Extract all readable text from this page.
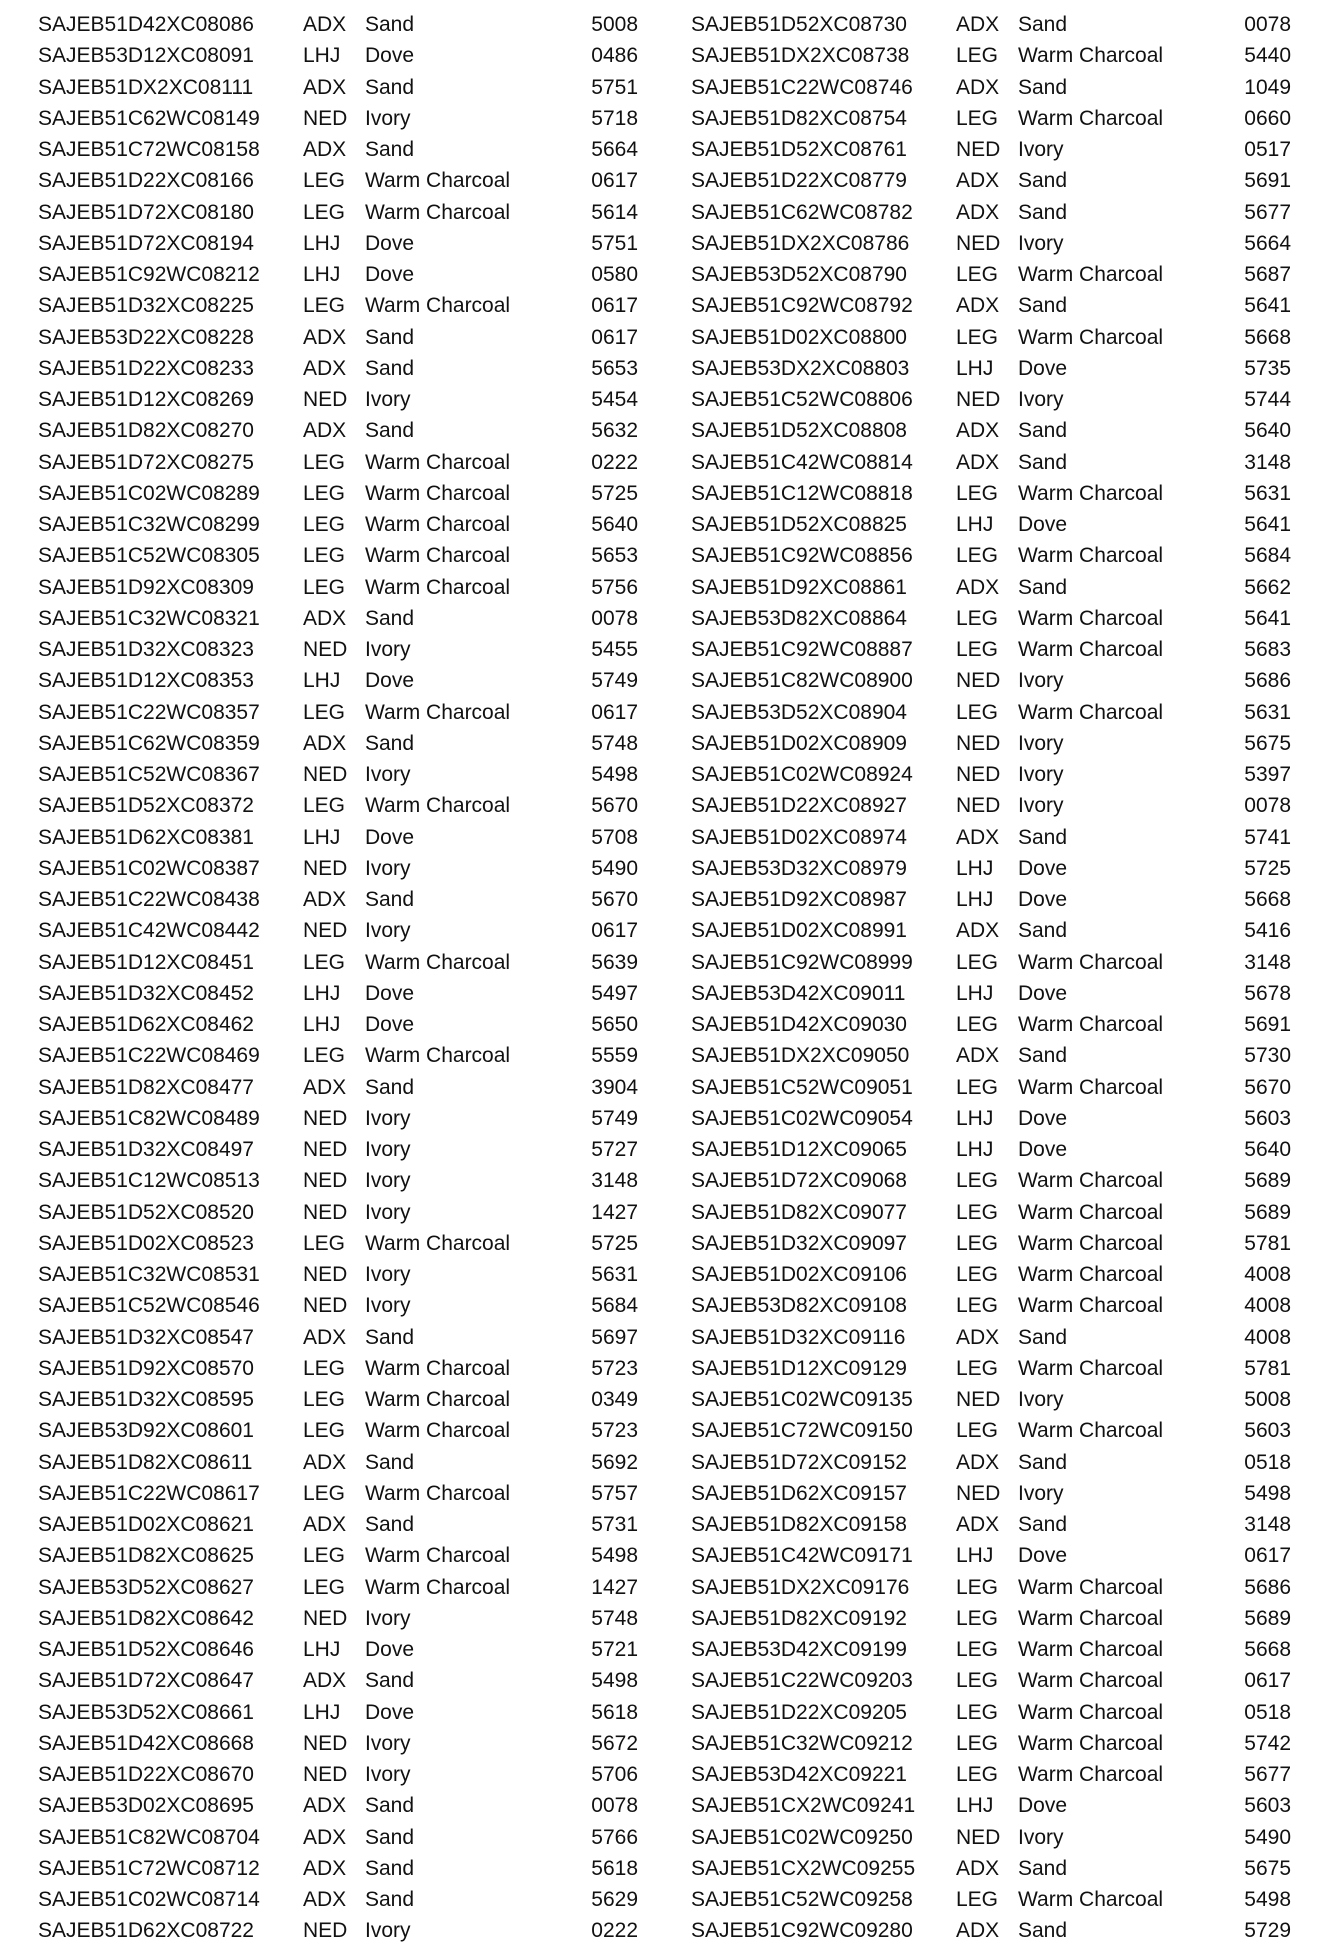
SAJEB51D42XC08086 ADX Sand	5008
SAJEB53D12XC08091 LHJ Dove	0486
SAJEB51DX2XC08111 ADX Sand	5751
SAJEB51C62WC08149 NED Ivory	5718
SAJEB51C72WC08158 ADX Sand	5664
SAJEB51D22XC08166 LEG Warm Charcoal	0617
SAJEB51D72XC08180 LEG Warm Charcoal	5614
SAJEB51D72XC08194 LHJ Dove	5751
SAJEB51C92WC08212 LHJ Dove	0580
SAJEB51D32XC08225 LEG Warm Charcoal	0617
SAJEB53D22XC08228 ADX Sand	0617
SAJEB51D22XC08233 ADX Sand	5653
SAJEB51D12XC08269 NED Ivory	5454
SAJEB51D82XC08270 ADX Sand	5632
SAJEB51D72XC08275 LEG Warm Charcoal	0222
SAJEB51C02WC08289 LEG Warm Charcoal	5725
SAJEB51C32WC08299 LEG Warm Charcoal	5640
SAJEB51C52WC08305 LEG Warm Charcoal	5653
SAJEB51D92XC08309 LEG Warm Charcoal	5756
SAJEB51C32WC08321 ADX Sand	0078
SAJEB51D32XC08323 NED Ivory	5455
SAJEB51D12XC08353 LHJ Dove	5749
SAJEB51C22WC08357 LEG Warm Charcoal	0617
SAJEB51C62WC08359 ADX Sand	5748
SAJEB51C52WC08367 NED Ivory	5498
SAJEB51D52XC08372 LEG Warm Charcoal	5670
SAJEB51D62XC08381 LHJ Dove	5708
SAJEB51C02WC08387 NED Ivory	5490
SAJEB51C22WC08438 ADX Sand	5670
SAJEB51C42WC08442 NED Ivory	0617
SAJEB51D12XC08451 LEG Warm Charcoal	5639
SAJEB51D32XC08452 LHJ Dove	5497
SAJEB51D62XC08462 LHJ Dove	5650
SAJEB51C22WC08469 LEG Warm Charcoal	5559
SAJEB51D82XC08477 ADX Sand	3904
SAJEB51C82WC08489 NED Ivory	5749
SAJEB51D32XC08497 NED Ivory	5727
SAJEB51C12WC08513 NED Ivory	3148
SAJEB51D52XC08520 NED Ivory	1427
SAJEB51D02XC08523 LEG Warm Charcoal	5725
SAJEB51C32WC08531 NED Ivory	5631
SAJEB51C52WC08546 NED Ivory	5684
SAJEB51D32XC08547 ADX Sand	5697
SAJEB51D92XC08570 LEG Warm Charcoal	5723
SAJEB51D32XC08595 LEG Warm Charcoal	0349
SAJEB53D92XC08601 LEG Warm Charcoal	5723
SAJEB51D82XC08611 ADX Sand	5692
SAJEB51C22WC08617 LEG Warm Charcoal	5757
SAJEB51D02XC08621 ADX Sand	5731
SAJEB51D82XC08625 LEG Warm Charcoal	5498
SAJEB53D52XC08627 LEG Warm Charcoal	1427
SAJEB51D82XC08642 NED Ivory	5748
SAJEB51D52XC08646 LHJ Dove	5721
SAJEB51D72XC08647 ADX Sand	5498
SAJEB53D52XC08661 LHJ Dove	5618
SAJEB51D42XC08668 NED Ivory	5672
SAJEB51D22XC08670 NED Ivory	5706
SAJEB53D02XC08695 ADX Sand	0078
SAJEB51C82WC08704 ADX Sand	5766
SAJEB51C72WC08712 ADX Sand	5618
SAJEB51C02WC08714 ADX Sand	5629
SAJEB51D62XC08722 NED Ivory	0222
SAJEB51D52XC08730 ADX Sand	0078
SAJEB51DX2XC08738 LEG Warm Charcoal	5440
SAJEB51C22WC08746 ADX Sand	1049
SAJEB51D82XC08754 LEG Warm Charcoal	0660
SAJEB51D52XC08761 NED Ivory	0517
SAJEB51D22XC08779 ADX Sand	5691
SAJEB51C62WC08782 ADX Sand	5677
SAJEB51DX2XC08786 NED Ivory	5664
SAJEB53D52XC08790 LEG Warm Charcoal	5687
SAJEB51C92WC08792 ADX Sand	5641
SAJEB51D02XC08800 LEG Warm Charcoal	5668
SAJEB53DX2XC08803 LHJ Dove	5735
SAJEB51C52WC08806 NED Ivory	5744
SAJEB51D52XC08808 ADX Sand	5640
SAJEB51C42WC08814 ADX Sand	3148
SAJEB51C12WC08818 LEG Warm Charcoal	5631
SAJEB51D52XC08825 LHJ Dove	5641
SAJEB51C92WC08856 LEG Warm Charcoal	5684
SAJEB51D92XC08861 ADX Sand	5662
SAJEB53D82XC08864 LEG Warm Charcoal	5641
SAJEB51C92WC08887 LEG Warm Charcoal	5683
SAJEB51C82WC08900 NED Ivory	5686
SAJEB53D52XC08904 LEG Warm Charcoal	5631
SAJEB51D02XC08909 NED Ivory	5675
SAJEB51C02WC08924 NED Ivory	5397
SAJEB51D22XC08927 NED Ivory	0078
SAJEB51D02XC08974 ADX Sand	5741
SAJEB53D32XC08979 LHJ Dove	5725
SAJEB51D92XC08987 LHJ Dove	5668
SAJEB51D02XC08991 ADX Sand	5416
SAJEB51C92WC08999 LEG Warm Charcoal	3148
SAJEB53D42XC09011 LHJ Dove	5678
SAJEB51D42XC09030 LEG Warm Charcoal	5691
SAJEB51DX2XC09050 ADX Sand	5730
SAJEB51C52WC09051 LEG Warm Charcoal	5670
SAJEB51C02WC09054 LHJ Dove	5603
SAJEB51D12XC09065 LHJ Dove	5640
SAJEB51D72XC09068 LEG Warm Charcoal	5689
SAJEB51D82XC09077 LEG Warm Charcoal	5689
SAJEB51D32XC09097 LEG Warm Charcoal	5781
SAJEB51D02XC09106 LEG Warm Charcoal	4008
SAJEB53D82XC09108 LEG Warm Charcoal	4008
SAJEB51D32XC09116 ADX Sand	4008
SAJEB51D12XC09129 LEG Warm Charcoal	5781
SAJEB51C02WC09135 NED Ivory	5008
SAJEB51C72WC09150 LEG Warm Charcoal	5603
SAJEB51D72XC09152 ADX Sand	0518
SAJEB51D62XC09157 NED Ivory	5498
SAJEB51D82XC09158 ADX Sand	3148
SAJEB51C42WC09171 LHJ Dove	0617
SAJEB51DX2XC09176 LEG Warm Charcoal	5686
SAJEB51D82XC09192 LEG Warm Charcoal	5689
SAJEB53D42XC09199 LEG Warm Charcoal	5668
SAJEB51C22WC09203 LEG Warm Charcoal	0617
SAJEB51D22XC09205 LEG Warm Charcoal	0518
SAJEB51C32WC09212 LEG Warm Charcoal	5742
SAJEB53D42XC09221 LEG Warm Charcoal	5677
SAJEB51CX2WC09241 LHJ Dove	5603
SAJEB51C02WC09250 NED Ivory	5490
SAJEB51CX2WC09255 ADX Sand	5675
SAJEB51C52WC09258 LEG Warm Charcoal	5498
SAJEB51C92WC09280 ADX Sand	5729
